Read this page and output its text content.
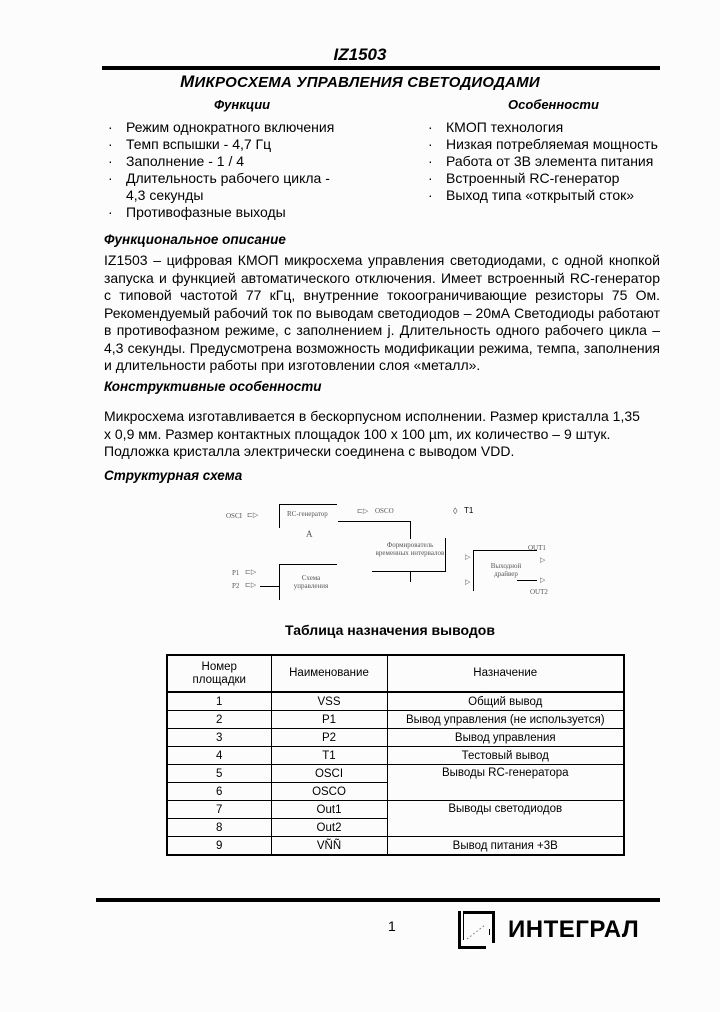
IZ1503
МИКРОСХЕМА УПРАВЛЕНИЯ СВЕТОДИОДАМИ
Функции	Особенности
· Режим однократного включения
· Темп вспышки - 4,7 Гц
· Заполнение - 1 / 4
· Длительность рабочего цикла - 4,3 секунды
· Противофазные выходы
· КМОП технология
· Низкая потребляемая мощность
· Работа от 3В элемента питания
· Встроенный RC-генератор
· Выход типа «открытый сток»
Функциональное описание
IZ1503 – цифровая КМОП микросхема управления светодиодами, с одной кнопкой запуска и функцией автоматического отключения. Имеет встроенный RC-генератор с типовой частотой 77 кГц, внутренние токоограничивающие резисторы 75 Ом. Рекомендуемый рабочий ток по выводам светодиодов – 20мА Светодиоды работают в противофазном режиме, с заполнением j. Длительность одного рабочего цикла – 4,3 секунды. Предусмотрена возможность модификации режима, темпа, заполнения и длительности работы при изготовлении слоя «металл».
Конструктивные особенности
Микросхема изготавливается в бескорпусном исполнении. Размер кристалла 1,35 х 0,9 мм. Размер контактных площадок 100 х 100 µm, их количество – 9 штук. Подложка кристалла электрически соединена с выводом VDD.
Структурная схема
OSCI ⊏▷	RC-генератор
A
⊏▷ OSCO	◊ T1
Формирователь временных интервалов
P1 ⊏▷
P2 ⊏▷
Схема управления
▷
▷
Выходной драйвер
OUT1
▷
▷
OUT2
Таблица назначения выводов
Номер площадки	Наименование	Назначение
1	VSS	Общий вывод
2	P1	Вывод управления (не используется)
3	P2	Вывод управления
4	T1	Тестовый вывод
5	OSCI	Выводы RC-генератора
6	OSCO	
7	Out1	Выводы светодиодов
8	Out2	
9	VÑÑ	Вывод питания +3В
1	ИНТЕГРАЛ
